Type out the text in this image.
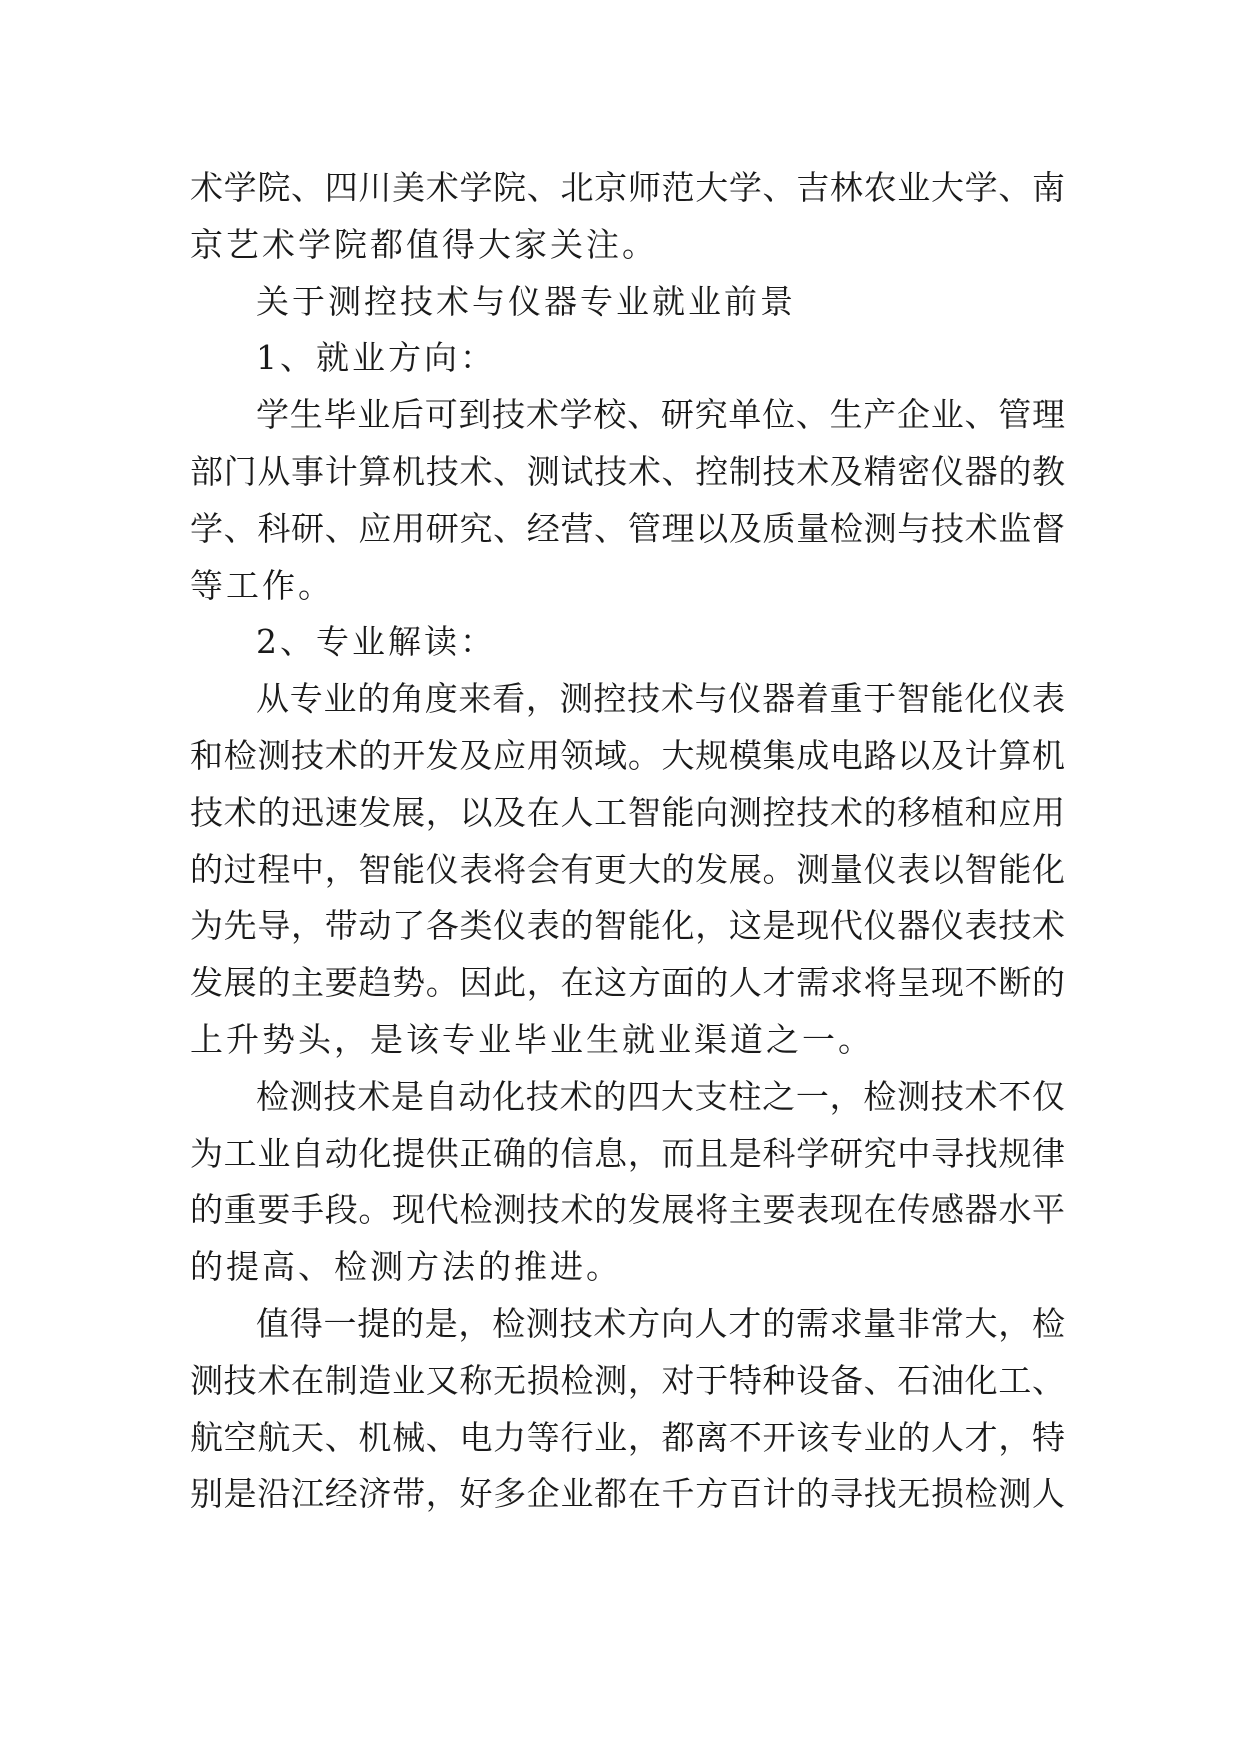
术学院、四川美术学院、北京师范大学、吉林农业大学、南
京艺术学院都值得大家关注。
关于测控技术与仪器专业就业前景
1、就业方向：
学生毕业后可到技术学校、研究单位、生产企业、管理
部门从事计算机技术、测试技术、控制技术及精密仪器的教
学、科研、应用研究、经营、管理以及质量检测与技术监督
等工作。
2、专业解读：
从专业的角度来看，测控技术与仪器着重于智能化仪表
和检测技术的开发及应用领域。大规模集成电路以及计算机
技术的迅速发展，以及在人工智能向测控技术的移植和应用
的过程中，智能仪表将会有更大的发展。测量仪表以智能化
为先导，带动了各类仪表的智能化，这是现代仪器仪表技术
发展的主要趋势。因此，在这方面的人才需求将呈现不断的
上升势头，是该专业毕业生就业渠道之一。
检测技术是自动化技术的四大支柱之一，检测技术不仅
为工业自动化提供正确的信息，而且是科学研究中寻找规律
的重要手段。现代检测技术的发展将主要表现在传感器水平
的提高、检测方法的推进。
值得一提的是，检测技术方向人才的需求量非常大，检
测技术在制造业又称无损检测，对于特种设备、石油化工、
航空航天、机械、电力等行业，都离不开该专业的人才，特
别是沿江经济带，好多企业都在千方百计的寻找无损检测人
